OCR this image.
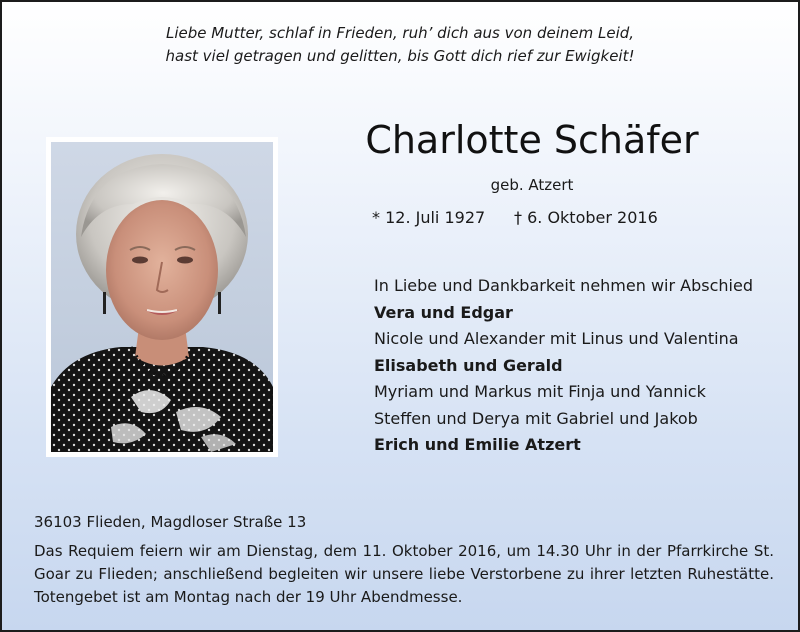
Liebe Mutter, schlaf in Frieden, ruh’ dich aus von deinem Leid,
hast viel getragen und gelitten, bis Gott dich rief zur Ewigkeit!
Charlotte Schäfer
geb. Atzert
* 12. Juli 1927 † 6. Oktober 2016
In Liebe und Dankbarkeit nehmen wir Abschied
Vera und Edgar
Nicole und Alexander mit Linus und Valentina
Elisabeth und Gerald
Myriam und Markus mit Finja und Yannick
Steffen und Derya mit Gabriel und Jakob
Erich und Emilie Atzert
36103 Flieden, Magdloser Straße 13
Das Requiem feiern wir am Dienstag, dem 11. Oktober 2016, um 14.30 Uhr in der Pfarrkirche St. Goar zu Flieden; anschließend begleiten wir unsere liebe Verstorbene zu ihrer letzten Ruhestätte. Totengebet ist am Montag nach der 19 Uhr Abendmesse.
